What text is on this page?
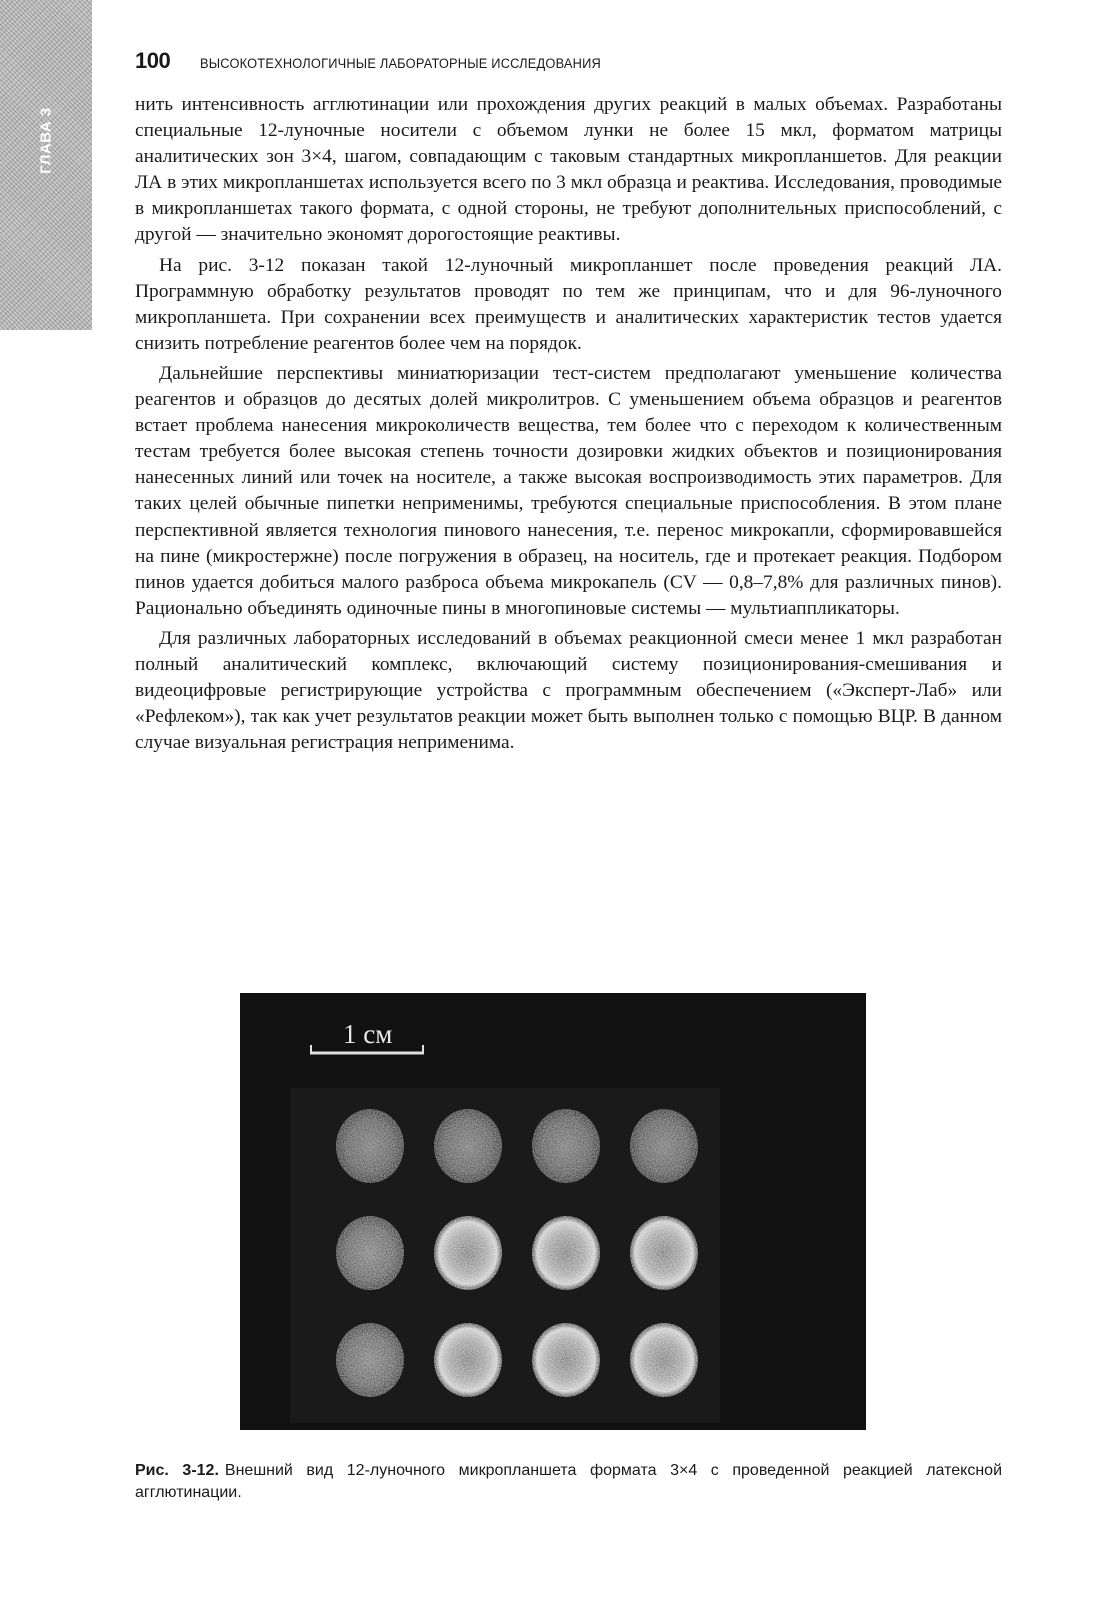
ГЛАВА 3
100 ВЫСОКОТЕХНОЛОГИЧНЫЕ ЛАБОРАТОРНЫЕ ИССЛЕДОВАНИЯ

нить интенсивность агглютинации или прохождения других реакций в малых объемах. Разработаны специальные 12-луночные носители с объемом лунки не более 15 мкл, форматом матрицы аналитических зон 3×4, шагом, совпадающим с таковым стандартных микропланшетов. Для реакции ЛА в этих микропланшетах используется всего по 3 мкл образца и реактива. Исследования, проводимые в микропланшетах такого формата, с одной стороны, не требуют дополнительных приспособлений, с другой — значительно экономят дорогостоящие реактивы.

На рис. 3-12 показан такой 12-луночный микропланшет после проведения реакций ЛА. Программную обработку результатов проводят по тем же принципам, что и для 96-луночного микропланшета. При сохранении всех преимуществ и аналитических характеристик тестов удается снизить потребление реагентов более чем на порядок.

Дальнейшие перспективы миниатюризации тест-систем предполагают уменьшение количества реагентов и образцов до десятых долей микролитров. С уменьшением объема образцов и реагентов встает проблема нанесения микроколичеств вещества, тем более что с переходом к количественным тестам требуется более высокая степень точности дозировки жидких объектов и позиционирования нанесенных линий или точек на носителе, а также высокая воспроизводимость этих параметров. Для таких целей обычные пипетки неприменимы, требуются специальные приспособления. В этом плане перспективной является технология пинового нанесения, т.е. перенос микрокапли, сформировавшейся на пине (микростержне) после погружения в образец, на носитель, где и протекает реакция. Подбором пинов удается добиться малого разброса объема микрокапель (CV — 0,8–7,8% для различных пинов). Рационально объединять одиночные пины в многопиновые системы — мультиаппликаторы.

Для различных лабораторных исследований в объемах реакционной смеси менее 1 мкл разработан полный аналитический комплекс, включающий систему позиционирования-смешивания и видеоцифровые регистрирующие устройства с программным обеспечением («Эксперт-Лаб» или «Рефлеком»), так как учет результатов реакции может быть выполнен только с помощью ВЦР. В данном случае визуальная регистрация неприменима.

1 см
Рис. 3-12. Внешний вид 12-луночного микропланшета формата 3×4 с проведенной реакцией латексной агглютинации.
